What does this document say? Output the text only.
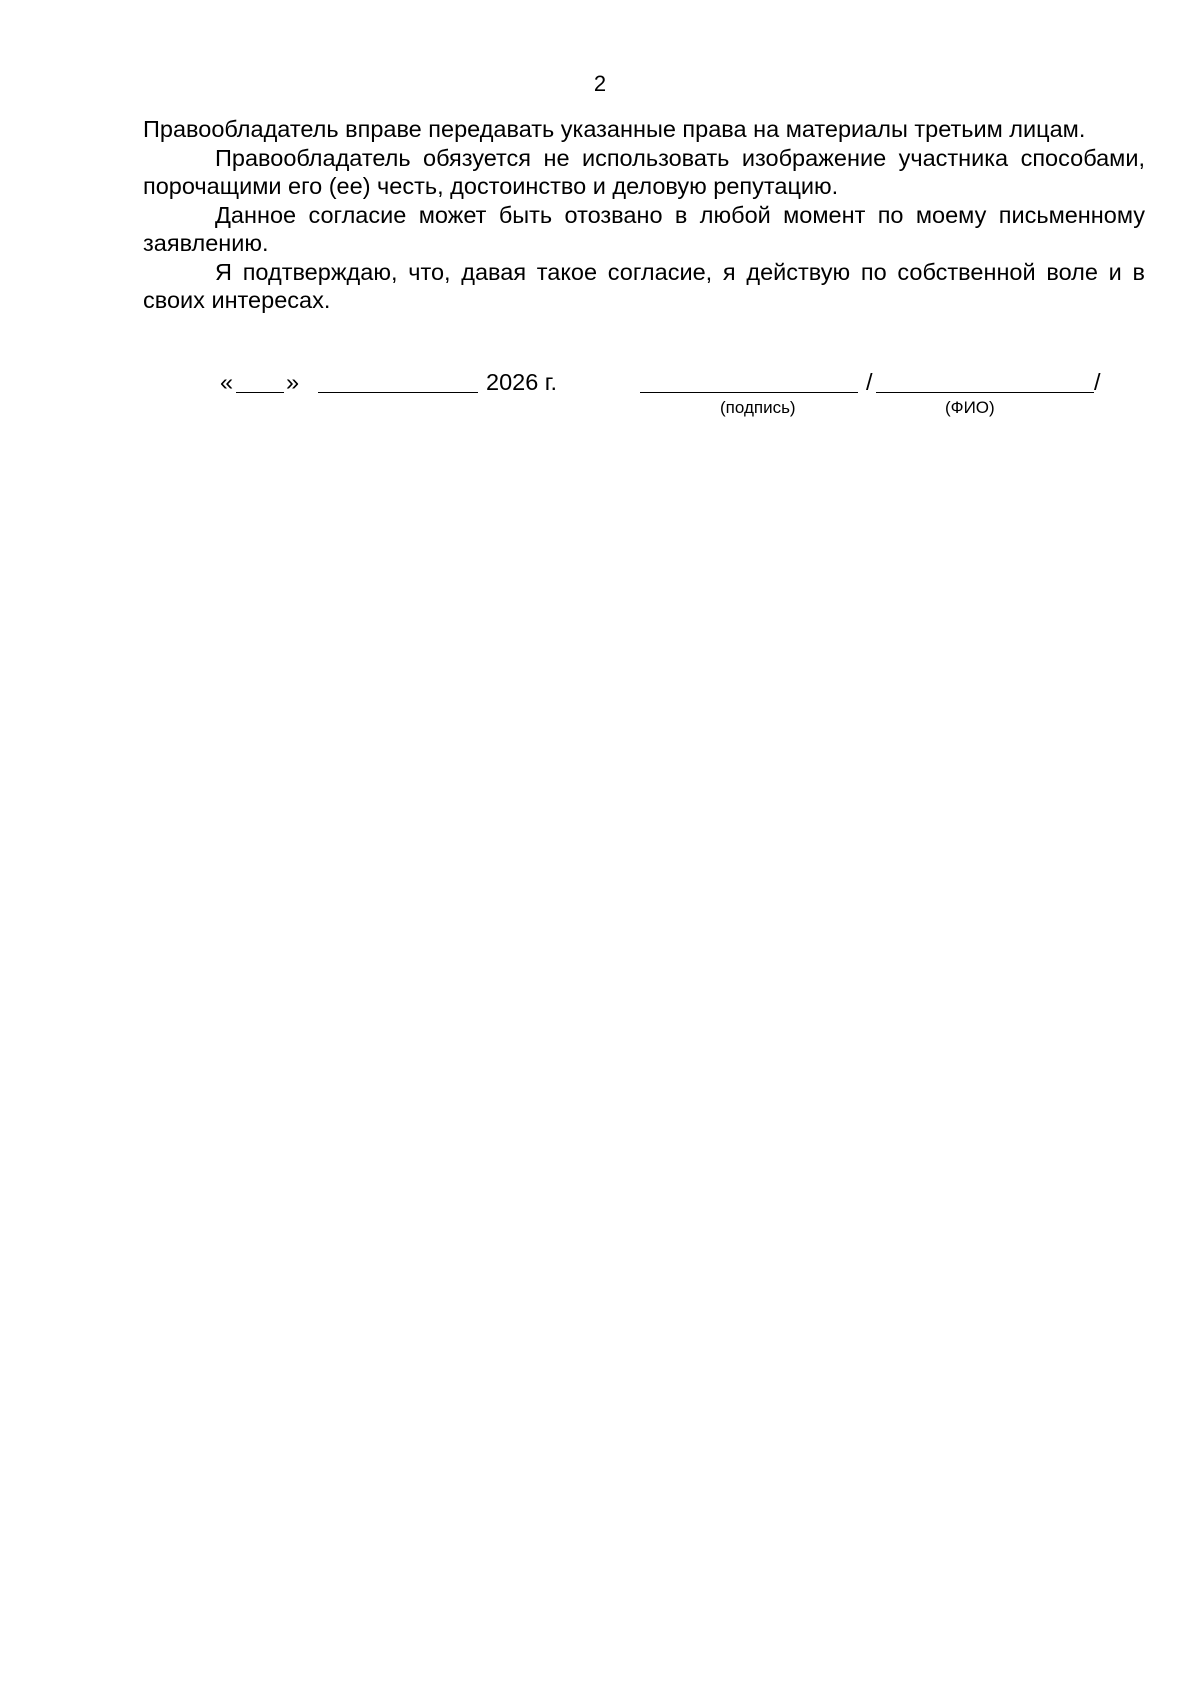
2

Правообладатель вправе передавать указанные права на материалы третьим лицам.

Правообладатель обязуется не использовать изображение участника способами, порочащими его (ее) честь, достоинство и деловую репутацию.

Данное согласие может быть отозвано в любой момент по моему письменному заявлению.

Я подтверждаю, что, давая такое согласие, я действую по собственной воле и в своих интересах.

« »	2026 г.	/	/
(подпись)	(ФИО)
